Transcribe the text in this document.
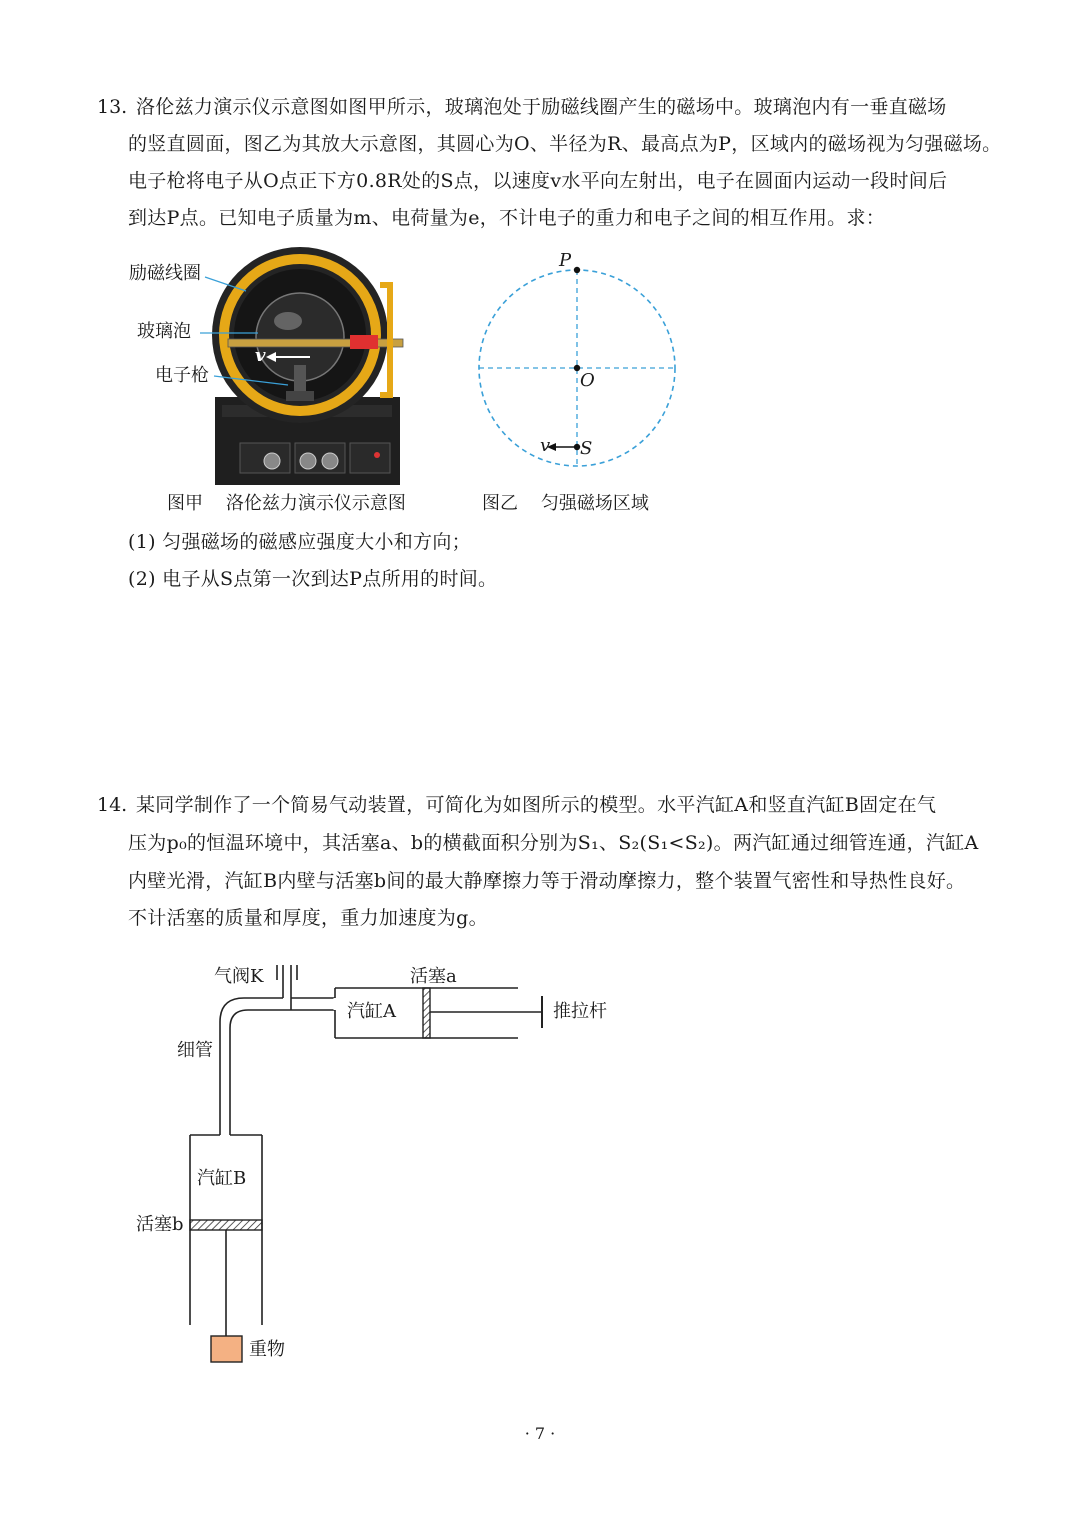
13. 洛伦兹力演示仪示意图如图甲所示，玻璃泡处于励磁线圈产生的磁场中。玻璃泡内有一垂直磁场
的竖直圆面，图乙为其放大示意图，其圆心为O、半径为R、最高点为P，区域内的磁场视为匀强磁场。
电子枪将电子从O点正下方0.8R处的S点，以速度v水平向左射出，电子在圆面内运动一段时间后
到达P点。已知电子质量为m、电荷量为e，不计电子的重力和电子之间的相互作用。求：
励磁线圈
玻璃泡
电子枪
v
P
O
S
v
图甲    洛伦兹力演示仪示意图	图乙    匀强磁场区域
(1) 匀强磁场的磁感应强度大小和方向；
(2) 电子从S点第一次到达P点所用的时间。
14. 某同学制作了一个简易气动装置，可简化为如图所示的模型。水平汽缸A和竖直汽缸B固定在气
压为p₀的恒温环境中，其活塞a、b的横截面积分别为S₁、S₂(S₁<S₂)。两汽缸通过细管连通，汽缸A
内壁光滑，汽缸B内壁与活塞b间的最大静摩擦力等于滑动摩擦力，整个装置气密性和导热性良好。
不计活塞的质量和厚度，重力加速度为g。
气阀K	活塞a
汽缸A	推拉杆
细管
汽缸B
活塞b
重物
· 7 ·
